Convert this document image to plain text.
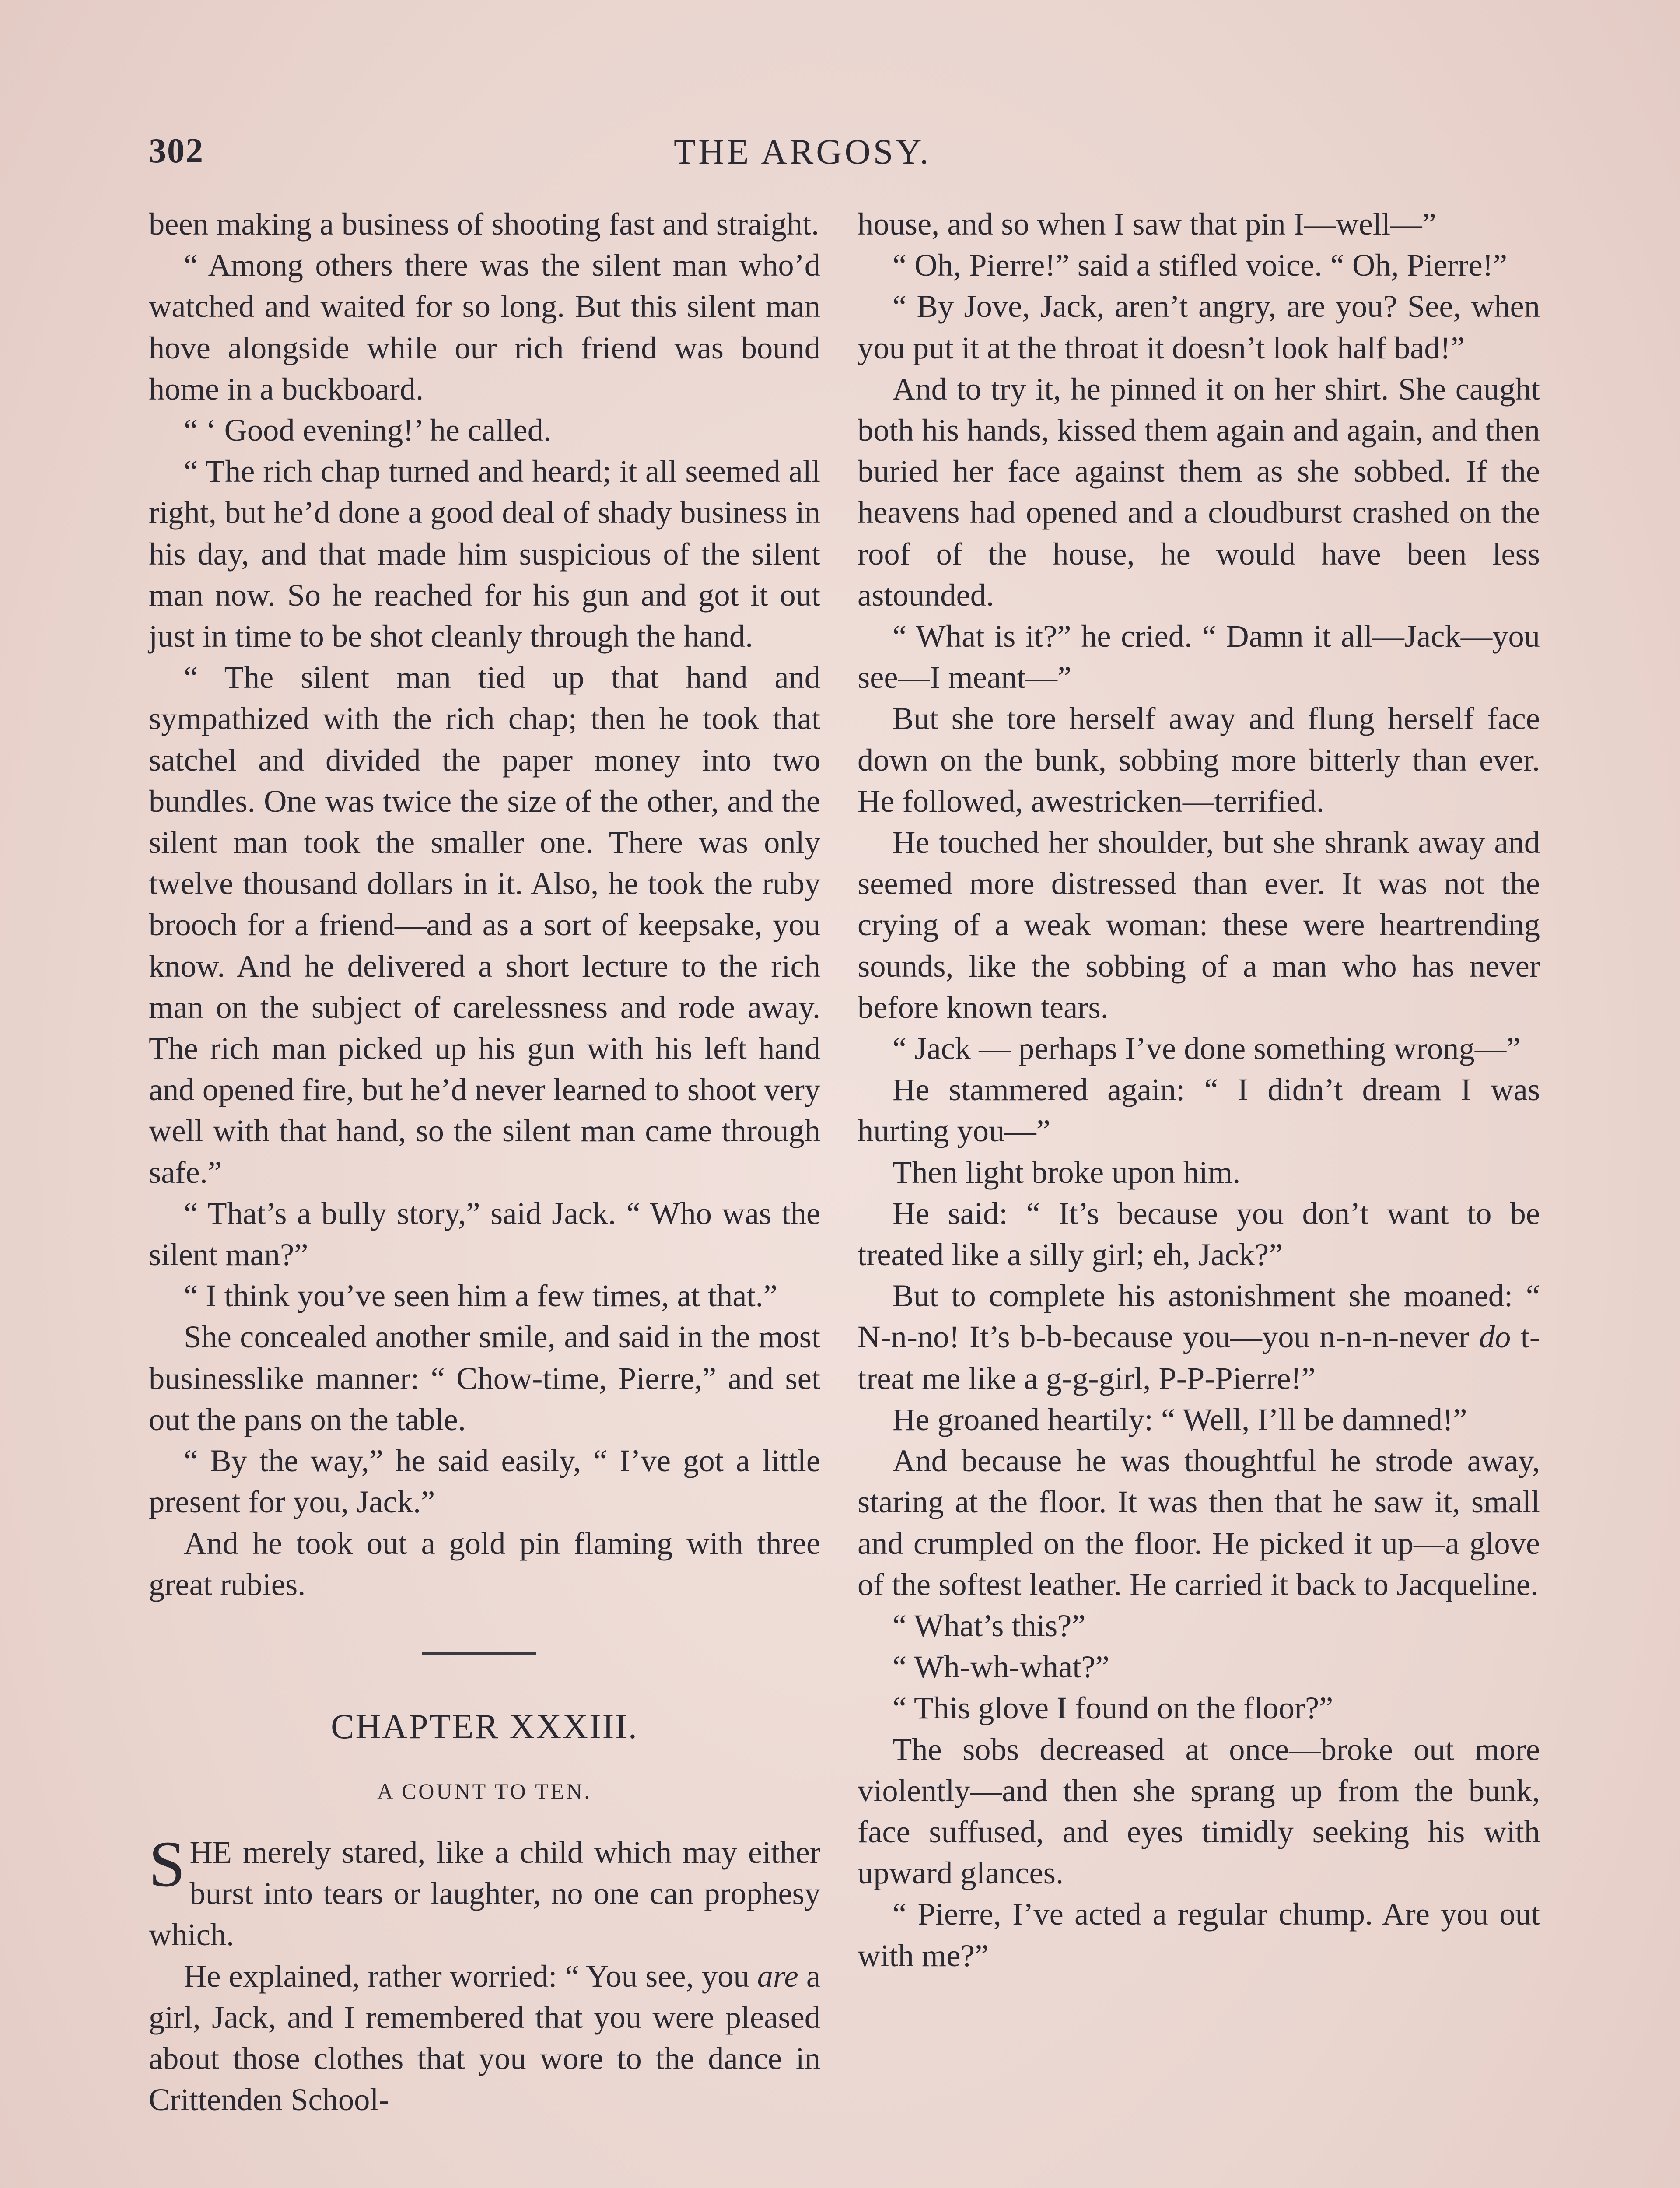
302	THE ARGOSY.

been making a business of shooting fast and straight.

“ Among others there was the silent man who’d watched and waited for so long. But this silent man hove alongside while our rich friend was bound home in a buckboard.

“ ‘ Good evening!’ he called.

“ The rich chap turned and heard; it all seemed all right, but he’d done a good deal of shady business in his day, and that made him suspicious of the silent man now. So he reached for his gun and got it out just in time to be shot cleanly through the hand.

“ The silent man tied up that hand and sympathized with the rich chap; then he took that satchel and divided the paper money into two bundles. One was twice the size of the other, and the silent man took the smaller one. There was only twelve thousand dollars in it. Also, he took the ruby brooch for a friend—and as a sort of keepsake, you know. And he delivered a short lecture to the rich man on the subject of carelessness and rode away. The rich man picked up his gun with his left hand and opened fire, but he’d never learned to shoot very well with that hand, so the silent man came through safe.”

“ That’s a bully story,” said Jack. “ Who was the silent man?”

“ I think you’ve seen him a few times, at that.”

She concealed another smile, and said in the most businesslike manner: “ Chow-time, Pierre,” and set out the pans on the table.

“ By the way,” he said easily, “ I’ve got a little present for you, Jack.”

And he took out a gold pin flaming with three great rubies.

CHAPTER XXXIII.
A COUNT TO TEN.

SHE merely stared, like a child which may either burst into tears or laughter, no one can prophesy which.

He explained, rather worried: “ You see, you are a girl, Jack, and I remembered that you were pleased about those clothes that you wore to the dance in Crittenden School-

house, and so when I saw that pin I—well—”

“ Oh, Pierre!” said a stifled voice. “ Oh, Pierre!”

“ By Jove, Jack, aren’t angry, are you? See, when you put it at the throat it doesn’t look half bad!”

And to try it, he pinned it on her shirt. She caught both his hands, kissed them again and again, and then buried her face against them as she sobbed. If the heavens had opened and a cloudburst crashed on the roof of the house, he would have been less astounded.

“ What is it?” he cried. “ Damn it all—Jack—you see—I meant—”

But she tore herself away and flung herself face down on the bunk, sobbing more bitterly than ever. He followed, awestricken—terrified.

He touched her shoulder, but she shrank away and seemed more distressed than ever. It was not the crying of a weak woman: these were heartrending sounds, like the sobbing of a man who has never before known tears.

“ Jack — perhaps I’ve done something wrong—”

He stammered again: “ I didn’t dream I was hurting you—”

Then light broke upon him.

He said: “ It’s because you don’t want to be treated like a silly girl; eh, Jack?”

But to complete his astonishment she moaned: “ N-n-no! It’s b-b-because you—you n-n-n-never do t-treat me like a g-g-girl, P-P-Pierre!”

He groaned heartily: “ Well, I’ll be damned!”

And because he was thoughtful he strode away, staring at the floor. It was then that he saw it, small and crumpled on the floor. He picked it up—a glove of the softest leather. He carried it back to Jacqueline.

“ What’s this?”

“ Wh-wh-what?”

“ This glove I found on the floor?”

The sobs decreased at once—broke out more violently—and then she sprang up from the bunk, face suffused, and eyes timidly seeking his with upward glances.

“ Pierre, I’ve acted a regular chump. Are you out with me?”
